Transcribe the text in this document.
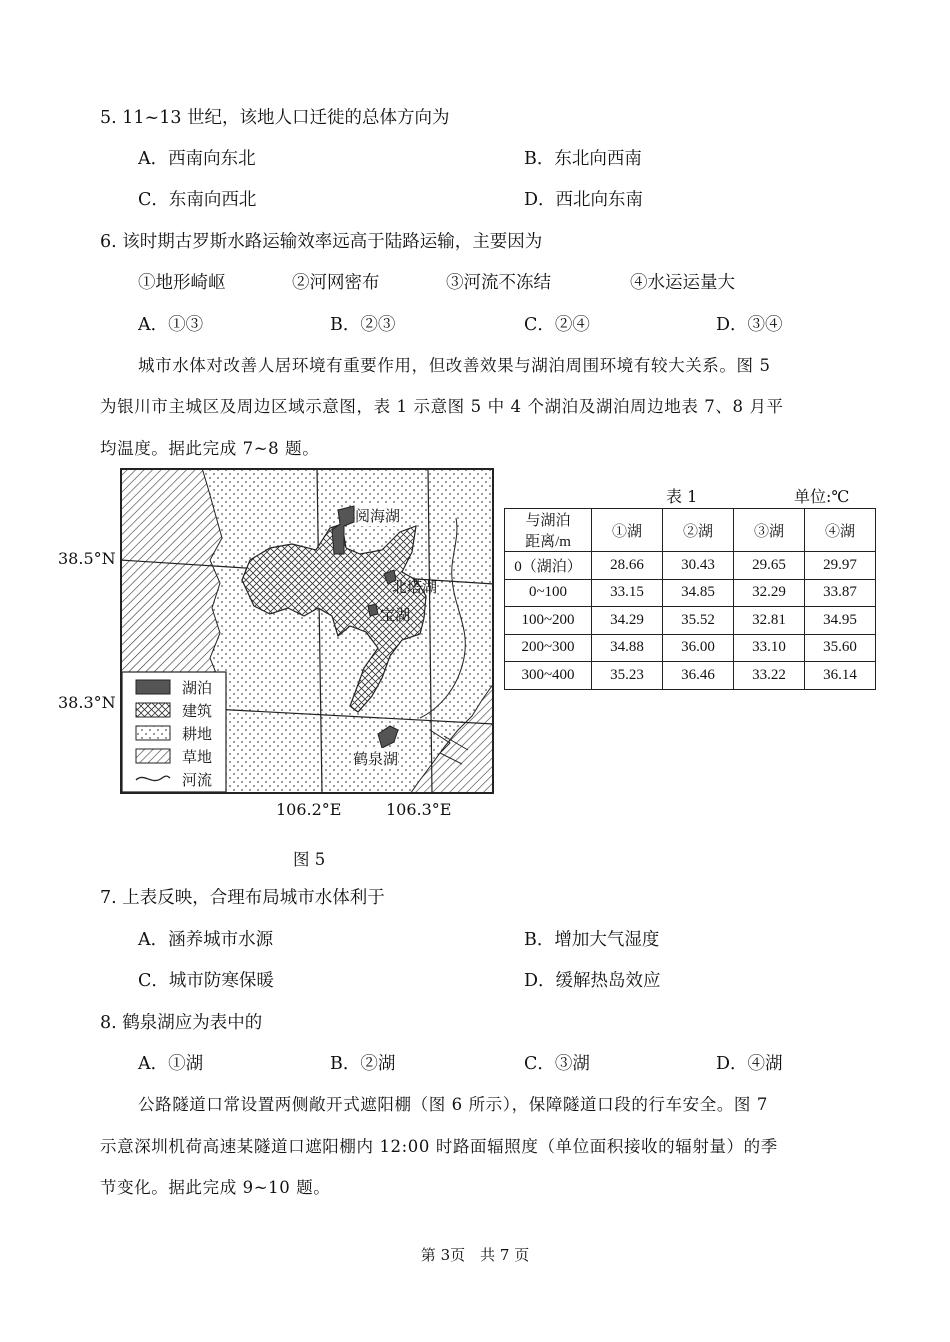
5. 11~13 世纪，该地人口迁徙的总体方向为
A．西南向东北	B．东北向西南
C．东南向西北	D．西北向东南
6. 该时期古罗斯水路运输效率远高于陆路运输，主要因为
①地形崎岖	②河网密布	③河流不冻结	④水运运量大
A．①③	B．②③	C．②④	D．③④
城市水体对改善人居环境有重要作用，但改善效果与湖泊周围环境有较大关系。图 5
为银川市主城区及周边区域示意图，表 1 示意图 5 中 4 个湖泊及湖泊周边地表 7、8 月平
均温度。据此完成 7~8 题。
38.5°N
38.3°N
106.2°E	106.3°E
图 5
阅海湖
北塔湖
宝湖
鹤泉湖
湖泊
建筑
耕地
草地
河流
表 1	单位:℃
与湖泊
距离/m	①湖	②湖	③湖	④湖
0（湖泊）	28.66	30.43	29.65	29.97
0~100	33.15	34.85	32.29	33.87
100~200	34.29	35.52	32.81	34.95
200~300	34.88	36.00	33.10	35.60
300~400	35.23	36.46	33.22	36.14
7. 上表反映，合理布局城市水体利于
A．涵养城市水源	B．增加大气湿度
C．城市防寒保暖	D．缓解热岛效应
8. 鹤泉湖应为表中的
A．①湖	B．②湖	C．③湖	D．④湖
公路隧道口常设置两侧敞开式遮阳棚（图 6 所示），保障隧道口段的行车安全。图 7
示意深圳机荷高速某隧道口遮阳棚内 12:00 时路面辐照度（单位面积接收的辐射量）的季
节变化。据此完成 9~10 题。
第 3页　共 7 页
